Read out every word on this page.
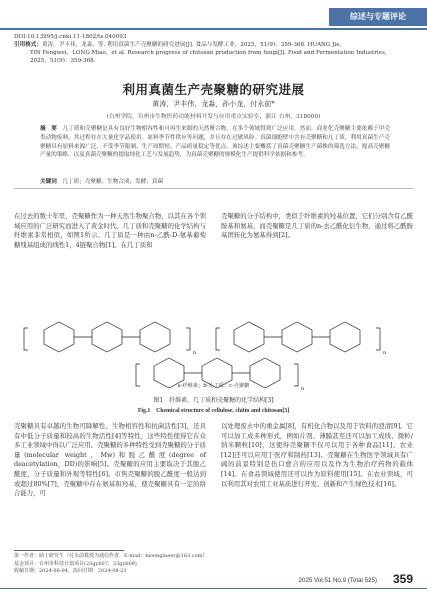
综述与专题评论
DOI:10.13995/j.cnki.11-1802/ts.040093
引用格式：黄涛，尹丰伟，龙淼，等. 利用真菌生产壳聚糖的研究进展[J]. 食品与发酵工业，2025，51(9)：359-368. HUANG Jie，
YIN Fengwei，LONG Miao，et al. Research progress of chitosan production from fungi[J]. Food and Fermentation Industries，
2025，51(9)：359-368.
利用真菌生产壳聚糖的研究进展
黄涛，尹丰伟，龙淼，孙小龙，付永前*
(台州学院，台州市生物医药功能材料开发与应用重点实验室，浙江 台州，318000)
摘　要　 几丁质和壳聚糖是具有良好生物相容性和可再生来源的天然聚合物，在多个领域得到广泛应用。然而，商业化壳聚糖主要依赖于甲壳类动物废料，其过程存在大量化学品使用、原料季节性供应等问题，并且存在过敏风险。真菌细胞壁中含有壳聚糖和几丁质，利用真菌生产壳聚糖具有原料来源广泛、不受季节限制、生产周期短、产品质量稳定等优点。该综述主要概括了真菌壳聚糖生产菌株的筛选方法、提高壳聚糖产量的策略，以及真菌壳聚糖的提取纯化工艺与发展趋势，为真菌壳聚糖的规模化生产提供科学依据和参考。
关键词　 几丁质；壳聚糖；生物合成；发酵；真菌
在过去的数十年里，壳聚糖作为一种天然生物聚合物，以其在各个领域应用的广泛研究而进入了黄金时代。几丁质和壳聚糖的化学结构与纤维素非常相似，如图1所示。几丁质是一种由n-乙酰-D-氨基葡萄糖残基组成的线性1，4链聚合物[1]。在几丁质和
壳聚糖的分子结构中，类似于纤维素的羟基位置，它们分别含有乙酰胺基和氨基，而壳聚糖是几丁质的n-去乙酰化衍生物，通过将乙酰胺基团转化为氨基得到[2]。
n	n
n
a-纤维素；b-几丁质；c-壳聚糖
图1　纤维素、几丁质和壳聚糖的化学结构[3]
Fig.1　Chemical structure of cellulose, chitin and chitosan[3]
壳聚糖具有卓越的生物可降解性、生物相容性和抗菌活性[3]，还具有中低分子质量和较高的生物活性[4]等特性，这些特性使得它在众多工业领域中得以广泛应用。壳聚糖的多种特性受到壳聚糖的分子质量(molecular weight，Mw)和脱乙酰度(degree of deacetylation，DD)的影响[5]。壳聚糖的应用主要取决于其脱乙酰度、分子质量和外观等特性[6]。市售壳聚糖的脱乙酰度一般达到或超过80%[7]，壳聚糖中存在氨基和羟基，使壳聚糖具有一定的络合能力，可
以处理废水中的重金属[8]，有机化合物以及用于饮料的澄清[9]。它可以加工成多种形式，例如片剂、薄膜甚至还可以加工成线、微粒/纳米颗粒[10]，这使得壳聚糖不仅可以用于各种食品[11]、农业[12]还可以应用于医疗和制药[13]。壳聚糖在生物医学领域具有广阔的前景特别是伤口愈合的应用以及作为生物治疗药物的载体[14]。在食品领域使用还可以作为原料使用[15]。在农业领域，可以利用其对农用工业基质进行开发、创新和产生绿色技术[16]。
第一作者：硕士研究生（付永前教授为通信作者，E-mail：bioengineer@163.com）
基金项目：台州市科技计划项目(23gyb07，23gyb09)
收稿日期：2024-06-04，改回日期：2024-08-21
2025 Vol.51 No.9 (Total 525) 359
